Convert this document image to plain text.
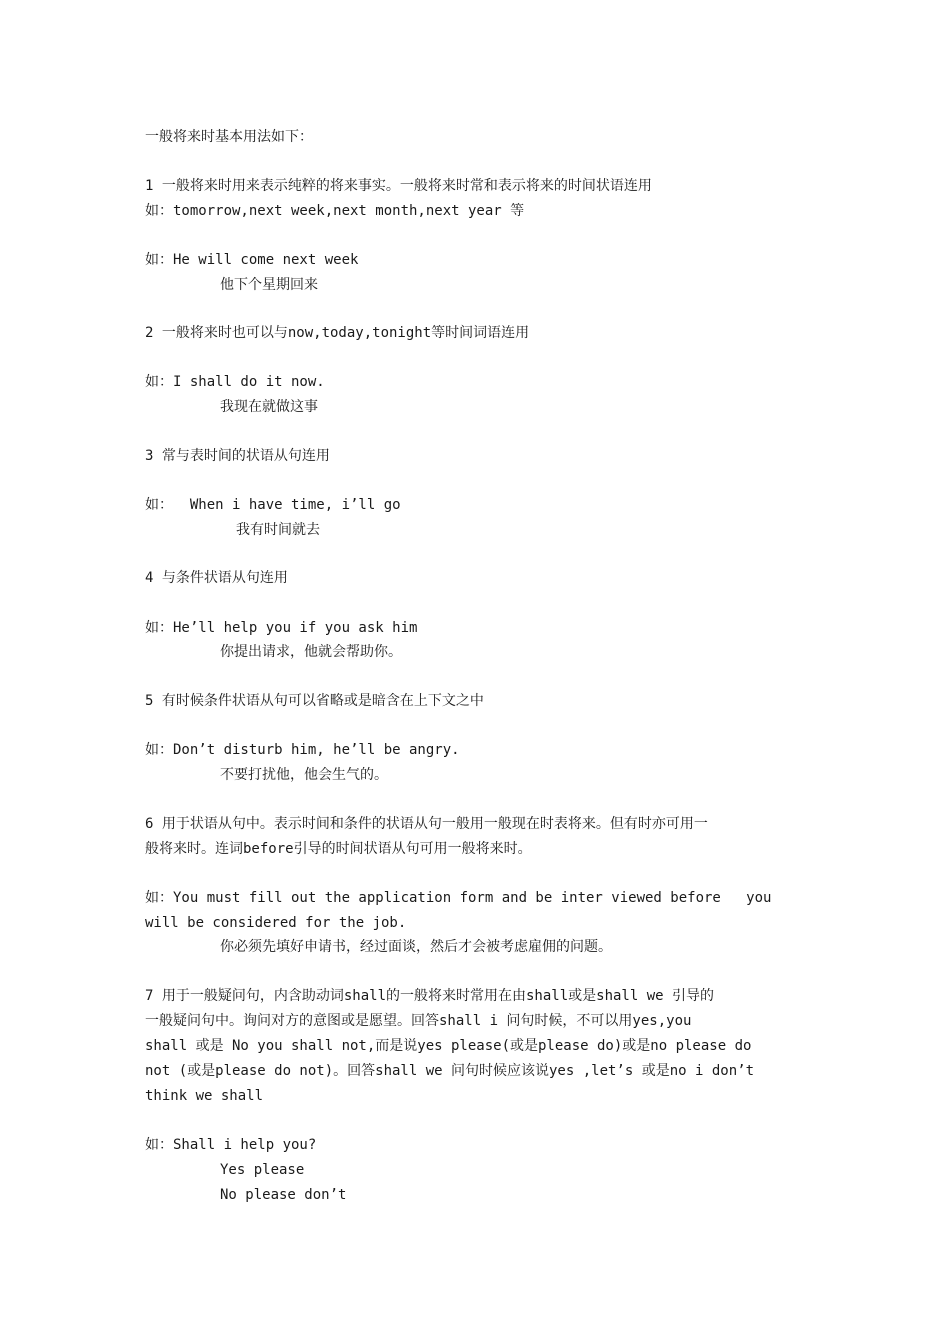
一般将来时基本用法如下：
1 一般将来时用来表示纯粹的将来事实。一般将来时常和表示将来的时间状语连用
如：tomorrow,next week,next month,next year 等
如：He will come next week
他下个星期回来
2 一般将来时也可以与now,today,tonight等时间词语连用
如：I shall do it now.
我现在就做这事
3 常与表时间的状语从句连用
如：  When i have time, i’ll go
我有时间就去
4 与条件状语从句连用
如：He’ll help you if you ask him
你提出请求，他就会帮助你。
5 有时候条件状语从句可以省略或是暗含在上下文之中
如：Don’t disturb him, he’ll be angry.
不要打扰他，他会生气的。
6 用于状语从句中。表示时间和条件的状语从句一般用一般现在时表将来。但有时亦可用一
般将来时。连词before引导的时间状语从句可用一般将来时。
如：You must fill out the application form and be inter viewed before   you
will be considered for the job.
你必须先填好申请书，经过面谈，然后才会被考虑雇佣的问题。
7 用于一般疑问句，内含助动词shall的一般将来时常用在由shall或是shall we 引导的
一般疑问句中。询问对方的意图或是愿望。回答shall i 问句时候，不可以用yes,you
shall 或是 No you shall not,而是说yes please(或是please do)或是no please do
not (或是please do not)。回答shall we 问句时候应该说yes ,let’s 或是no i don’t
think we shall
如：Shall i help you?
Yes please
No please don’t
